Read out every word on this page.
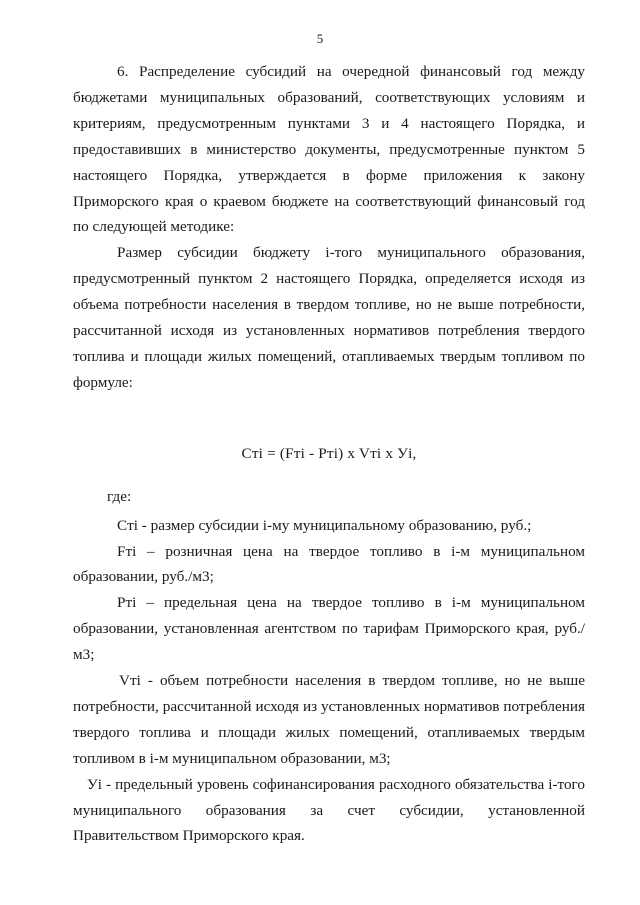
5

6. Распределение субсидий на очередной финансовый год между бюджетами муниципальных образований, соответствующих условиям и критериям, предусмотренным пунктами 3 и 4 настоящего Порядка, и предоставивших в министерство документы, предусмотренные пунктом 5 настоящего Порядка, утверждается в форме приложения к закону Приморского края о краевом бюджете на соответствующий финансовый год по следующей методике:

Размер субсидии бюджету i-того муниципального образования, предусмотренный пунктом 2 настоящего Порядка, определяется исходя из объема потребности населения в твердом топливе, но не выше потребности, рассчитанной исходя из установленных нормативов потребления твердого топлива и площади жилых помещений, отапливаемых твердым топливом по формуле:

Cтi = (Fтi - Pтi) x Vтi x Уi,

где:

Cтi - размер субсидии i-му муниципальному образованию, руб.;

Fтi – розничная цена на твердое топливо в i-м муниципальном образовании, руб./м3;

Pтi – предельная цена на твердое топливо в i-м муниципальном образовании, установленная агентством по тарифам Приморского края, руб./м3;

Vтi - объем потребности населения в твердом топливе, но не выше потребности, рассчитанной исходя из установленных нормативов потребления твердого топлива и площади жилых помещений, отапливаемых твердым топливом в i-м муниципальном образовании, м3;

Уi - предельный уровень софинансирования расходного обязательства i-того муниципального образования за счет субсидии, установленной Правительством Приморского края.
